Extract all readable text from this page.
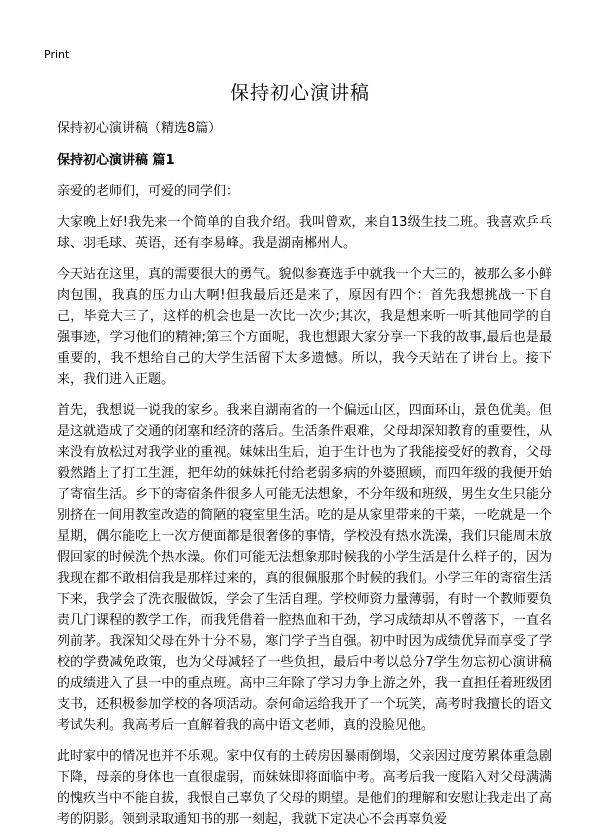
Print
保持初心演讲稿

保持初心演讲稿（精选8篇）

保持初心演讲稿 篇1

亲爱的老师们，可爱的同学们：

大家晚上好!我先来一个简单的自我介绍。我叫曾欢，来自13级生技二班。我喜欢乒乓球、羽毛球、英语，还有李易峰。我是湖南郴州人。

今天站在这里，真的需要很大的勇气。貌似参赛选手中就我一个大三的，被那么多小鲜肉包围，我真的压力山大啊!但我最后还是来了，原因有四个：首先我想挑战一下自己，毕竟大三了，这样的机会也是一次比一次少;其次，我是想来听一听其他同学的自强事迹，学习他们的精神;第三个方面呢，我也想跟大家分享一下我的故事,最后也是最重要的，我不想给自己的大学生活留下太多遗憾。所以，我今天站在了讲台上。接下来，我们进入正题。

首先，我想说一说我的家乡。我来自湖南省的一个偏远山区，四面环山，景色优美。但是这就造成了交通的闭塞和经济的落后。生活条件艰难，父母却深知教育的重要性，从来没有放松过对我学业的重视。妹妹出生后，迫于生计也为了我能接受好的教育，父母毅然踏上了打工生涯，把年幼的妹妹托付给老弱多病的外婆照顾，而四年级的我便开始了寄宿生活。乡下的寄宿条件很多人可能无法想象，不分年级和班级，男生女生只能分别挤在一间用教室改造的简陋的寝室里生活。吃的是从家里带来的干菜，一吃就是一个星期，偶尔能吃上一次方便面都是很奢侈的事情，学校没有热水洗澡，我们只能周末放假回家的时候洗个热水澡。你们可能无法想象那时候我的小学生活是什么样子的，因为我现在都不敢相信我是那样过来的，真的很佩服那个时候的我们。小学三年的寄宿生活下来，我学会了洗衣服做饭，学会了生活自理。学校师资力量薄弱，有时一个教师要负责几门课程的教学工作，而我凭借着一腔热血和干劲，学习成绩却从不曾落下，一直名列前茅。我深知父母在外十分不易，寒门学子当自强。初中时因为成绩优异而享受了学校的学费减免政策，也为父母减轻了一些负担，最后中考以总分7学生勿忘初心演讲稿的成绩进入了县一中的重点班。高中三年除了学习力争上游之外，我一直担任着班级团支书，还积极参加学校的各项活动。奈何命运给我开了一个玩笑，高考时我擅长的语文考试失利。我高考后一直解着我的高中语文老师，真的没脸见他。

此时家中的情况也并不乐观。家中仅有的土砖房因暴雨倒塌，父亲因过度劳累体重急剧下降，母亲的身体也一直很虚弱，而妹妹即将面临中考。高考后我一度陷入对父母满满的愧疚当中不能自拔，我恨自己辜负了父母的期望。是他们的理解和安慰让我走出了高考的阴影。领到录取通知书的那一刻起，我就下定决心不会再辜负爱
